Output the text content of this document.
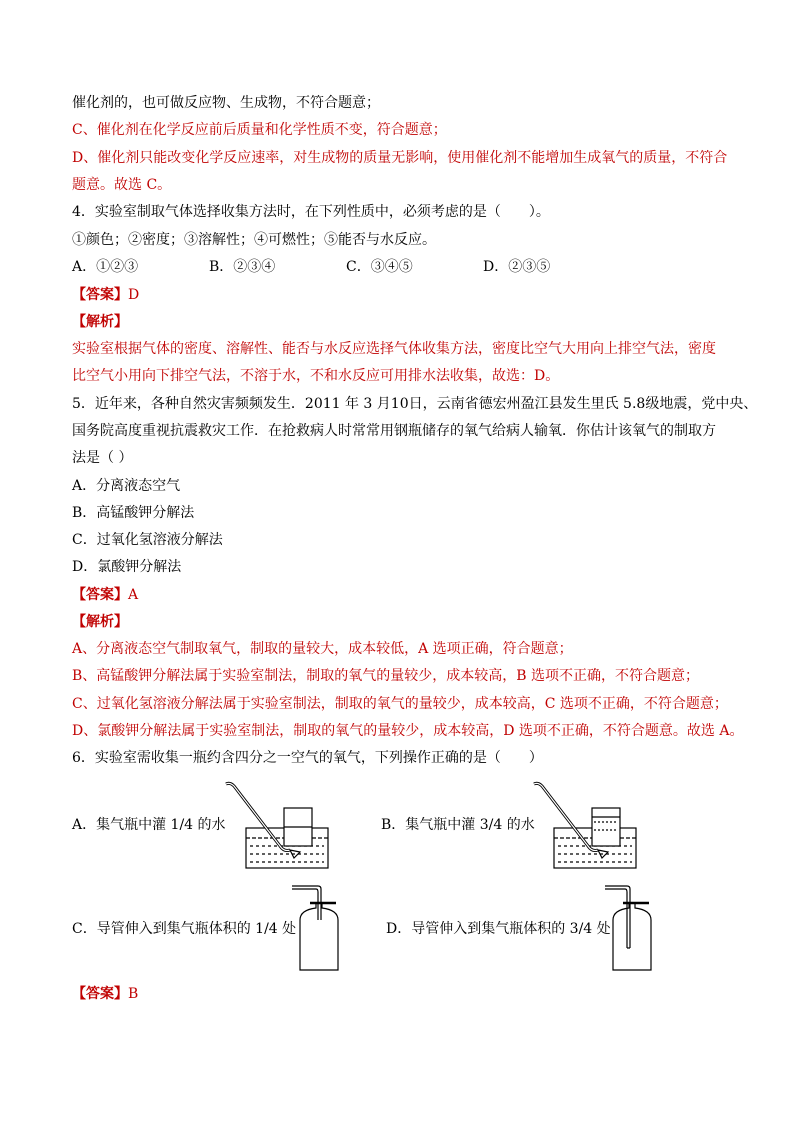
催化剂的，也可做反应物、生成物，不符合题意；
C、催化剂在化学反应前后质量和化学性质不变，符合题意；
D、催化剂只能改变化学反应速率，对生成物的质量无影响，使用催化剂不能增加生成氧气的质量，不符合
题意。故选 C。
4．实验室制取气体选择收集方法时，在下列性质中，必须考虑的是（　　）。
①颜色；②密度；③溶解性；④可燃性；⑤能否与水反应。
A．①②③	B．②③④	C．③④⑤	D．②③⑤
【答案】D
【解析】
实验室根据气体的密度、溶解性、能否与水反应选择气体收集方法，密度比空气大用向上排空气法，密度
比空气小用向下排空气法，不溶于水，不和水反应可用排水法收集，故选：D。
5．近年来，各种自然灾害频频发生．2011 年 3 月10日，云南省德宏州盈江县发生里氏 5.8级地震，党中央、
国务院高度重视抗震救灾工作．在抢救病人时常常用钢瓶储存的氧气给病人输氧．你估计该氧气的制取方
法是（ ）
A．分离液态空气
B．高锰酸钾分解法
C．过氧化氢溶液分解法
D．氯酸钾分解法
【答案】A
【解析】
A、分离液态空气制取氧气，制取的量较大，成本较低，A 选项正确，符合题意；
B、高锰酸钾分解法属于实验室制法，制取的氧气的量较少，成本较高，B 选项不正确，不符合题意；
C、过氧化氢溶液分解法属于实验室制法，制取的氧气的量较少，成本较高，C 选项不正确，不符合题意；
D、氯酸钾分解法属于实验室制法，制取的氧气的量较少，成本较高，D 选项不正确，不符合题意。故选 A。
6．实验室需收集一瓶约含四分之一空气的氧气，下列操作正确的是（　　）
A．集气瓶中灌 1/4 的水	B．集气瓶中灌 3/4 的水
C．导管伸入到集气瓶体积的 1/4 处	D．导管伸入到集气瓶体积的 3/4 处
【答案】B
